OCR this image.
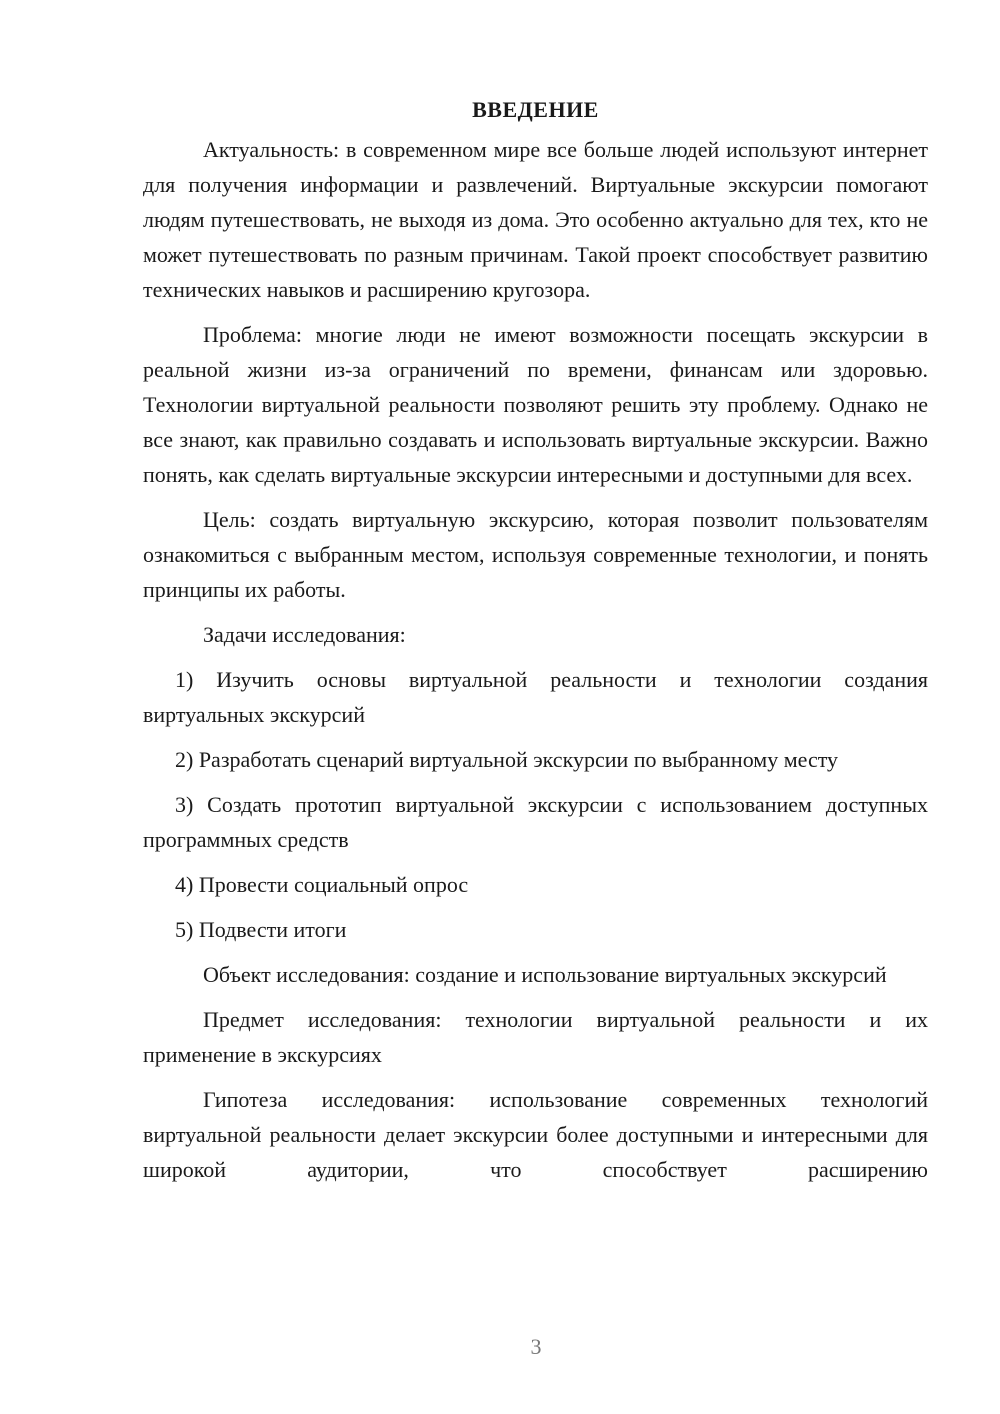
ВВЕДЕНИЕ

Актуальность: в современном мире все больше людей используют интернет для получения информации и развлечений. Виртуальные экскурсии помогают людям путешествовать, не выходя из дома. Это особенно актуально для тех, кто не может путешествовать по разным причинам. Такой проект способствует развитию технических навыков и расширению кругозора.

Проблема: многие люди не имеют возможности посещать экскурсии в реальной жизни из-за ограничений по времени, финансам или здоровью. Технологии виртуальной реальности позволяют решить эту проблему. Однако не все знают, как правильно создавать и использовать виртуальные экскурсии. Важно понять, как сделать виртуальные экскурсии интересными и доступными для всех.

Цель: создать виртуальную экскурсию, которая позволит пользователям ознакомиться с выбранным местом, используя современные технологии, и понять принципы их работы.

Задачи исследования:

1) Изучить основы виртуальной реальности и технологии создания виртуальных экскурсий

2) Разработать сценарий виртуальной экскурсии по выбранному месту

3) Создать прототип виртуальной экскурсии с использованием доступных программных средств

4) Провести социальный опрос

5) Подвести итоги

Объект исследования: создание и использование виртуальных экскурсий

Предмет исследования: технологии виртуальной реальности и их применение в экскурсиях

Гипотеза исследования: использование современных технологий виртуальной реальности делает экскурсии более доступными и интересными для широкой аудитории, что способствует расширению

3
